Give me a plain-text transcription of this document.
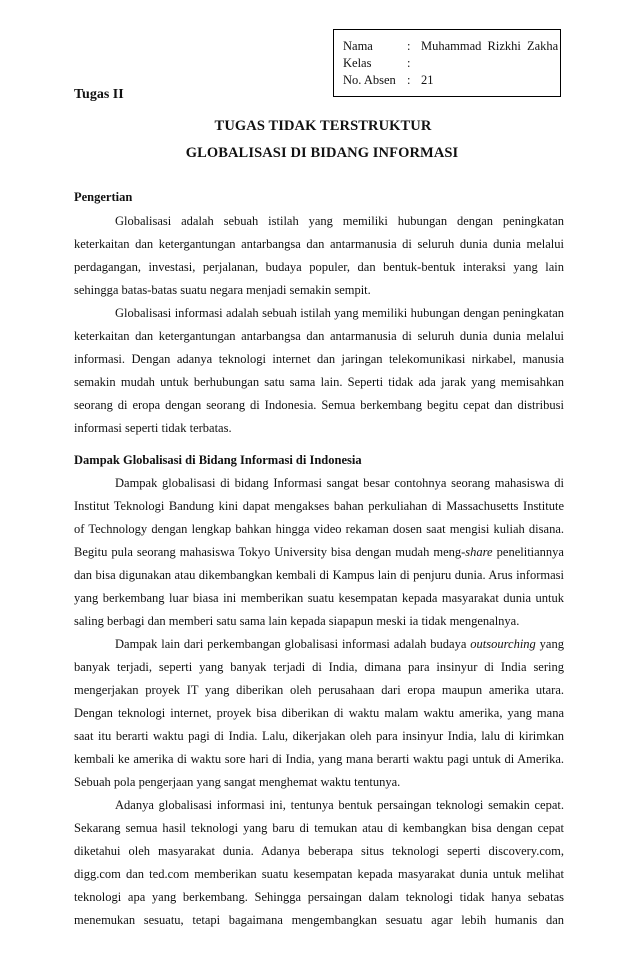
Nama	: Muhammad Rizkhi Zakha
Kelas	:
No. Absen : 21
Tugas II
TUGAS TIDAK TERSTRUKTUR
GLOBALISASI DI BIDANG INFORMASI
Pengertian

Globalisasi adalah sebuah istilah yang memiliki hubungan dengan peningkatan
keterkaitan dan ketergantungan antarbangsa dan antarmanusia di seluruh dunia dunia melalui
perdagangan, investasi, perjalanan, budaya populer, dan bentuk-bentuk interaksi yang lain
sehingga batas-batas suatu negara menjadi semakin sempit.

Globalisasi informasi adalah sebuah istilah yang memiliki hubungan dengan peningkatan
keterkaitan dan ketergantungan antarbangsa dan antarmanusia di seluruh dunia dunia melalui
informasi. Dengan adanya teknologi internet dan jaringan telekomunikasi nirkabel, manusia
semakin mudah untuk berhubungan satu sama lain. Seperti tidak ada jarak yang memisahkan
seorang di eropa dengan seorang di Indonesia. Semua berkembang begitu cepat dan distribusi
informasi seperti tidak terbatas.

Dampak Globalisasi di Bidang Informasi di Indonesia

Dampak globalisasi di bidang Informasi sangat besar contohnya seorang mahasiswa di
Institut Teknologi Bandung kini dapat mengakses bahan perkuliahan di Massachusetts Institute
of Technology dengan lengkap bahkan hingga video rekaman dosen saat mengisi kuliah disana.
Begitu pula seorang mahasiswa Tokyo University bisa dengan mudah meng-share penelitiannya
dan bisa digunakan atau dikembangkan kembali di Kampus lain di penjuru dunia. Arus informasi
yang berkembang luar biasa ini memberikan suatu kesempatan kepada masyarakat dunia untuk
saling berbagi dan memberi satu sama lain kepada siapapun meski ia tidak mengenalnya.

Dampak lain dari perkembangan globalisasi informasi adalah budaya outsourching yang
banyak terjadi, seperti yang banyak terjadi di India, dimana para insinyur di India sering
mengerjakan proyek IT yang diberikan oleh perusahaan dari eropa maupun amerika utara.
Dengan teknologi internet, proyek bisa diberikan di waktu malam waktu amerika, yang mana
saat itu berarti waktu pagi di India. Lalu, dikerjakan oleh para insinyur India, lalu di kirimkan
kembali ke amerika di waktu sore hari di India, yang mana berarti waktu pagi untuk di Amerika.
Sebuah pola pengerjaan yang sangat menghemat waktu tentunya.

Adanya globalisasi informasi ini, tentunya bentuk persaingan teknologi semakin cepat.
Sekarang semua hasil teknologi yang baru di temukan atau di kembangkan bisa dengan cepat
diketahui oleh masyarakat dunia. Adanya beberapa situs teknologi seperti discovery.com,
digg.com dan ted.com memberikan suatu kesempatan kepada masyarakat dunia untuk melihat
teknologi apa yang berkembang. Sehingga persaingan dalam teknologi tidak hanya sebatas
menemukan sesuatu, tetapi bagaimana mengembangkan sesuatu agar lebih humanis dan
